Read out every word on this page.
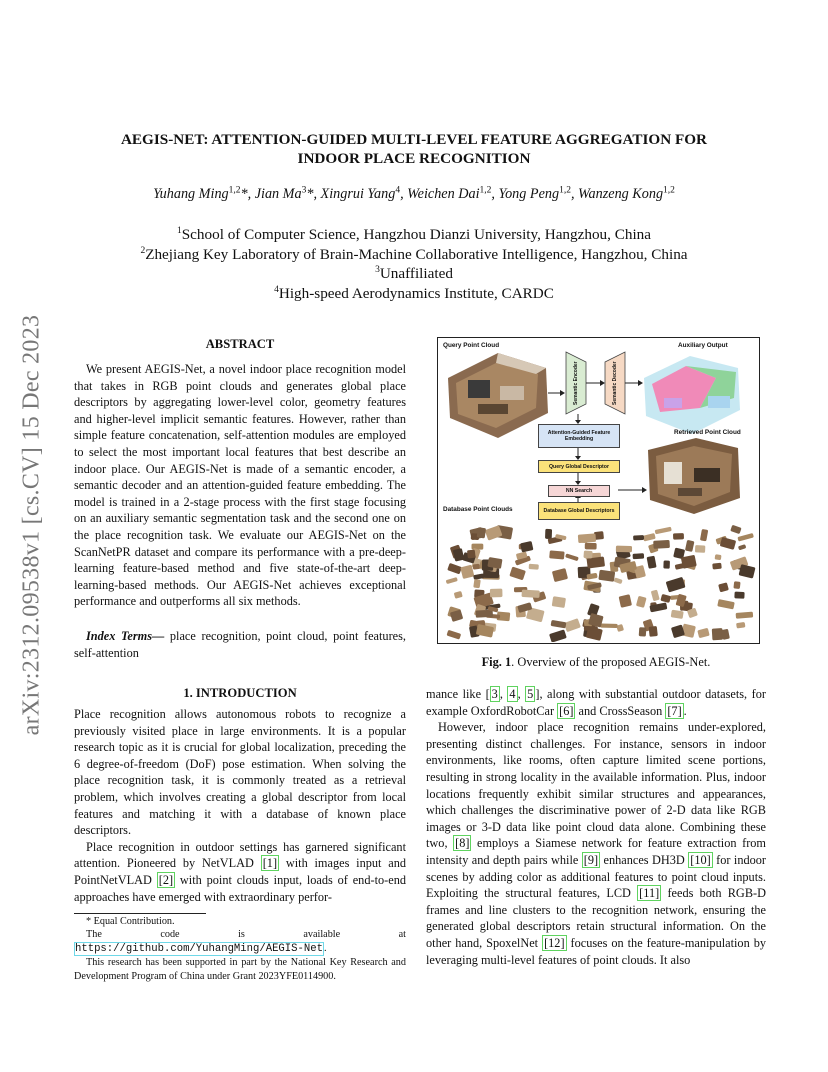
arXiv:2312.09538v1 [cs.CV] 15 Dec 2023
AEGIS-NET: ATTENTION-GUIDED MULTI-LEVEL FEATURE AGGREGATION FOR
INDOOR PLACE RECOGNITION
Yuhang Ming$^{1,2}$*, Jian Ma$^3$*, Xingrui Yang$^4$, Weichen Dai$^{1,2}$, Yong Peng$^{1,2}$, Wanzeng Kong$^{1,2}$
$^1$School of Computer Science, Hangzhou Dianzi University, Hangzhou, China
$^2$Zhejiang Key Laboratory of Brain-Machine Collaborative Intelligence, Hangzhou, China
$^3$Unaffiliated
$^4$High-speed Aerodynamics Institute, CARDC
ABSTRACT

We present AEGIS-Net, a novel indoor place recognition model that takes in RGB point clouds and generates global place descriptors by aggregating lower-level color, geometry features and higher-level implicit semantic features. However, rather than simple feature concatenation, self-attention modules are employed to select the most important local features that best describe an indoor place. Our AEGIS-Net is made of a semantic encoder, a semantic decoder and an attention-guided feature embedding. The model is trained in a 2-stage process with the first stage focusing on an auxiliary semantic segmentation task and the second one on the place recognition task. We evaluate our AEGIS-Net on the ScanNetPR dataset and compare its performance with a pre-deep-learning feature-based method and five state-of-the-art deep-learning-based methods. Our AEGIS-Net achieves exceptional performance and outperforms all six methods.

Index Terms— place recognition, point cloud, point features, self-attention

1. INTRODUCTION

Place recognition allows autonomous robots to recognize a previously visited place in large environments. It is a popular research topic as it is crucial for global localization, preceding the 6 degree-of-freedom (DoF) pose estimation. When solving the place recognition task, it is commonly treated as a retrieval problem, which involves creating a global descriptor from local features and matching it with a database of known place descriptors.

Place recognition in outdoor settings has garnered significant attention. Pioneered by NetVLAD [1] with images input and PointNetVLAD [2] with point clouds input, loads of end-to-end approaches have emerged with extraordinary perfor-

* Equal Contribution.
The code is available at https://github.com/YuhangMing/AEGIS-Net.
This research has been supported in part by the National Key Research and Development Program of China under Grant 2023YFE0114900.
Query Point Cloud	Auxiliary Output
Semantic Encoder	Semantic Decoder
Attention-Guided Feature Embedding
Query Global Descriptor
NN Search
Database Global Descriptors
Retrieved Point Cloud
Database Point Clouds
Fig. 1. Overview of the proposed AEGIS-Net.

mance like [ 3 , 4 , 5 ], along with substantial outdoor datasets, for example OxfordRobotCar [6] and CrossSeason [7] .

However, indoor place recognition remains under-explored, presenting distinct challenges. For instance, sensors in indoor environments, like rooms, often capture limited scene portions, resulting in strong locality in the available information. Plus, indoor locations frequently exhibit similar structures and appearances, which challenges the discriminative power of 2-D data like RGB images or 3-D data like point cloud data alone. Combining these two, [8] employs a Siamese network for feature extraction from intensity and depth pairs while [9] enhances DH3D [10] for indoor scenes by adding color as additional features to point cloud inputs. Exploiting the structural features, LCD [11] feeds both RGB-D frames and line clusters to the recognition network, ensuring the generated global descriptors retain structural information. On the other hand, SpoxelNet [12] focuses on the feature-manipulation by leveraging multi-level features of point clouds. It also
